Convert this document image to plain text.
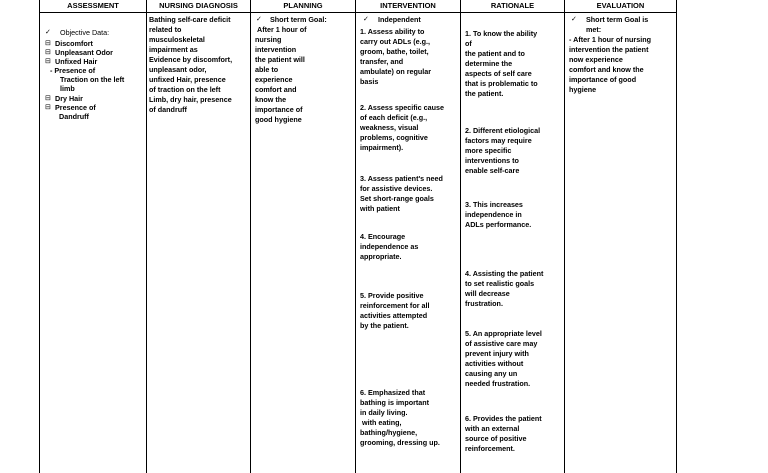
ASSESSMENT
✓ Objective Data:
⊟ Discomfort
⊟ Unpleasant Odor
⊟ Unfixed Hair
- Presence of
Traction on the left
limb
⊟ Dry Hair
⊟ Presence of
Dandruff
NURSING DIAGNOSIS
Bathing self-care deficit
related to
musculoskeletal
impairment as
Evidence by discomfort,
unpleasant odor,
unfixed Hair, presence
of traction on the left
Limb, dry hair, presence
of dandruff
PLANNING
✓ Short term Goal:
After 1 hour of
nursing
intervention
the patient will
able to
experience
comfort and
know the
importance of
good hygiene
INTERVENTION
✓ Independent
1. Assess ability to
carry out ADLs (e.g.,
groom, bathe, toilet,
transfer, and
ambulate) on regular
basis
2. Assess specific cause
of each deficit (e.g.,
weakness, visual
problems, cognitive
impairment).
3. Assess patient's need
for assistive devices.
Set short-range goals
with patient
4. Encourage
independence as
appropriate.
5. Provide positive
reinforcement for all
activities attempted
by the patient.
6. Emphasized that
bathing is important
in daily living.
with eating,
bathing/hygiene,
grooming, dressing up.
RATIONALE
1. To know the ability
of
the patient and to
determine the
aspects of self care
that is problematic to
the patient.
2. Different etiological
factors may require
more specific
interventions to
enable self-care
3. This increases
independence in
ADLs performance.
4. Assisting the patient
to set realistic goals
will decrease
frustration.
5. An appropriate level
of assistive care may
prevent injury with
activities without
causing any un
needed frustration.
6. Provides the patient
with an external
source of positive
reinforcement.
EVALUATION
✓ Short term Goal is
met:
- After 1 hour of nursing
intervention the patient
now experience
comfort and know the
importance of good
hygiene
